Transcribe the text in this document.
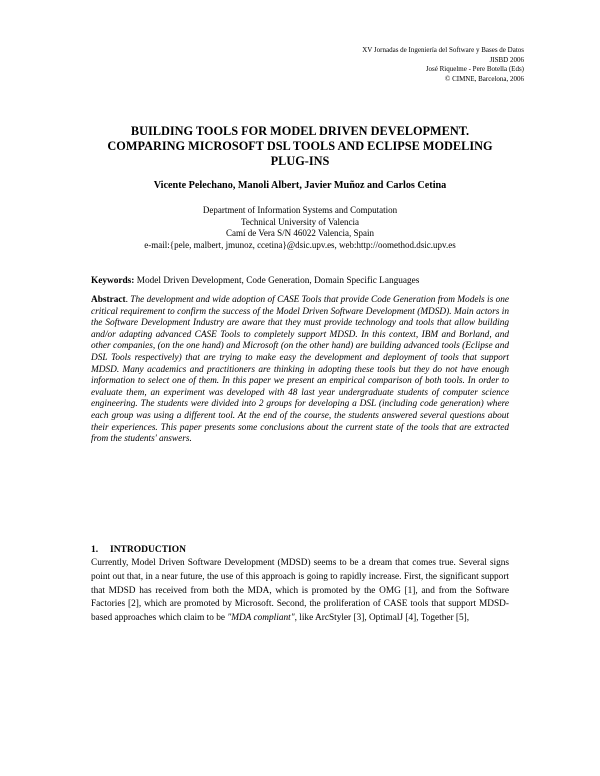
XV Jornadas de Ingeniería del Software y Bases de Datos
JISBD 2006
José Riquelme - Pere Botella (Eds)
© CIMNE, Barcelona, 2006
BUILDING TOOLS FOR MODEL DRIVEN DEVELOPMENT.
COMPARING MICROSOFT DSL TOOLS AND ECLIPSE MODELING
PLUG-INS
Vicente Pelechano, Manoli Albert, Javier Muñoz and Carlos Cetina
Department of Information Systems and Computation
Technical University of Valencia
Camí de Vera S/N 46022 Valencia, Spain
e-mail:{pele, malbert, jmunoz, ccetina}@dsic.upv.es, web:http://oomethod.dsic.upv.es
Keywords: Model Driven Development, Code Generation, Domain Specific Languages
Abstract. The development and wide adoption of CASE Tools that provide Code Generation from Models is one critical requirement to confirm the success of the Model Driven Software Development (MDSD). Main actors in the Software Development Industry are aware that they must provide technology and tools that allow building and/or adapting advanced CASE Tools to completely support MDSD. In this context, IBM and Borland, and other companies, (on the one hand) and Microsoft (on the other hand) are building advanced tools (Eclipse and DSL Tools respectively) that are trying to make easy the development and deployment of tools that support MDSD. Many academics and practitioners are thinking in adopting these tools but they do not have enough information to select one of them. In this paper we present an empirical comparison of both tools. In order to evaluate them, an experiment was developed with 48 last year undergraduate students of computer science engineering. The students were divided into 2 groups for developing a DSL (including code generation) where each group was using a different tool. At the end of the course, the students answered several questions about their experiences. This paper presents some conclusions about the current state of the tools that are extracted from the students' answers.
1. INTRODUCTION
Currently, Model Driven Software Development (MDSD) seems to be a dream that comes true. Several signs point out that, in a near future, the use of this approach is going to rapidly increase. First, the significant support that MDSD has received from both the MDA, which is promoted by the OMG [1], and from the Software Factories [2], which are promoted by Microsoft. Second, the proliferation of CASE tools that support MDSD-based approaches which claim to be "MDA compliant", like ArcStyler [3], OptimalJ [4], Together [5],
